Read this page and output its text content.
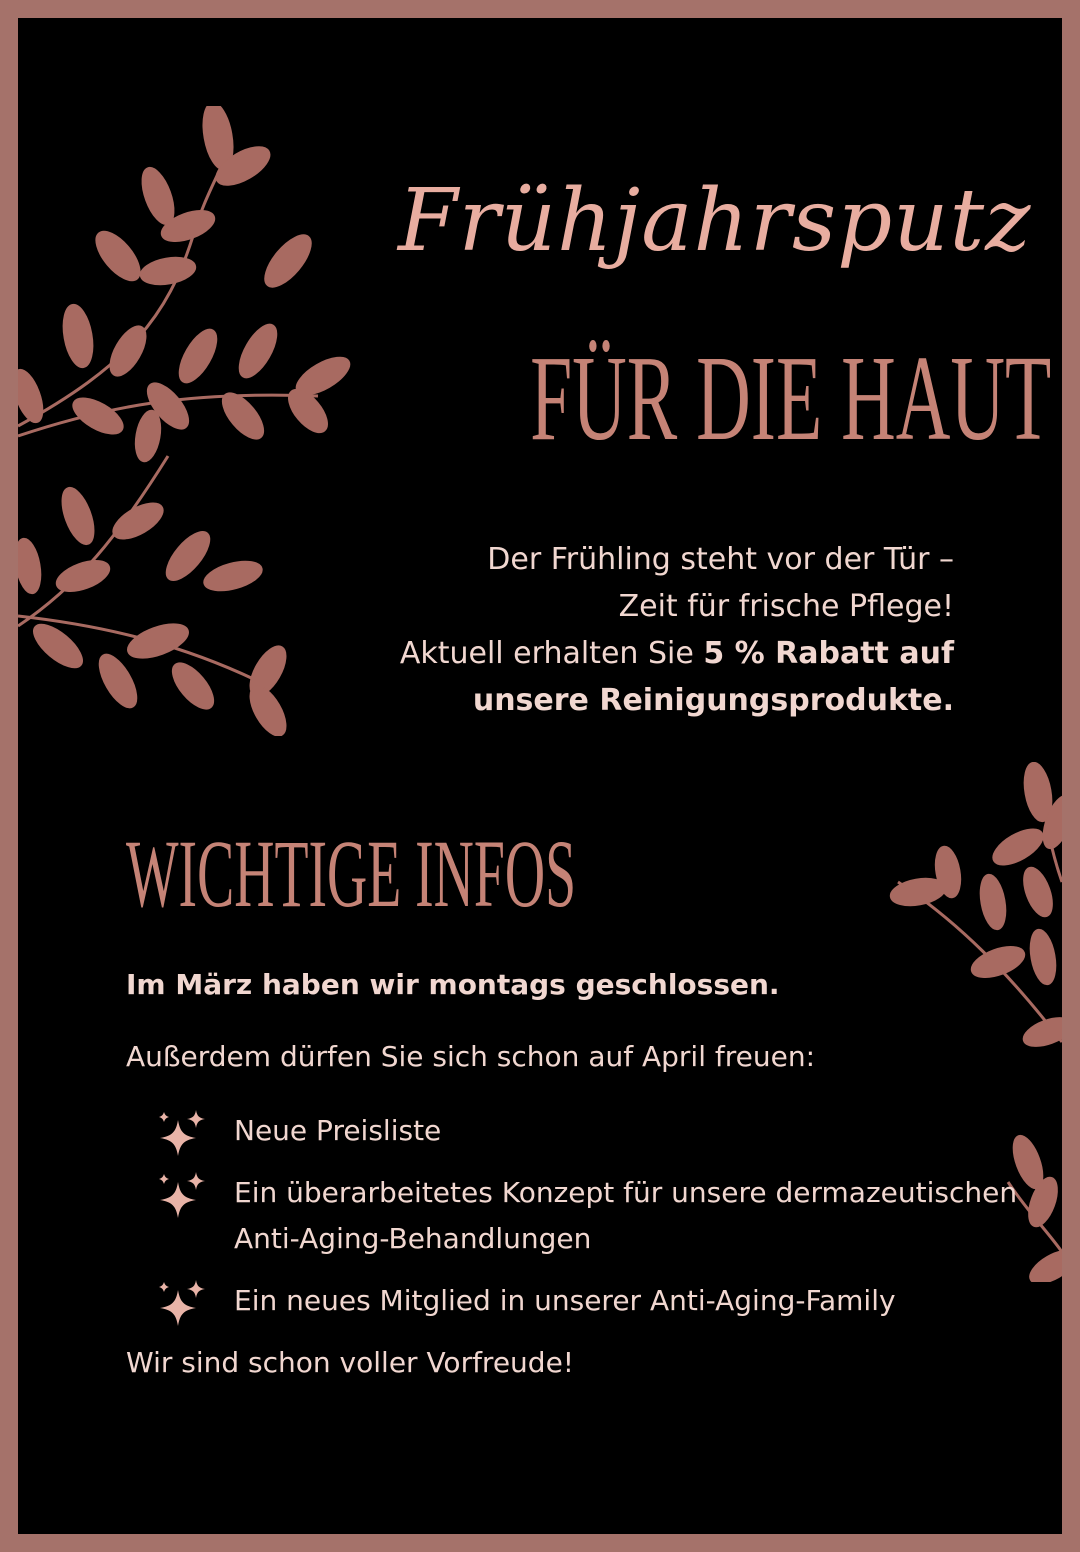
Frühjahrsputz
FÜR DIE HAUT
Der Frühling steht vor der Tür –
Zeit für frische Pflege!
Aktuell erhalten Sie 5 % Rabatt auf
unsere Reinigungsprodukte.
WICHTIGE INFOS
Im März haben wir montags geschlossen.
Außerdem dürfen Sie sich schon auf April freuen:
Neue Preisliste
Ein überarbeitetes Konzept für unsere dermazeutischen Anti-Aging-Behandlungen
Ein neues Mitglied in unserer Anti-Aging-Family
Wir sind schon voller Vorfreude!
